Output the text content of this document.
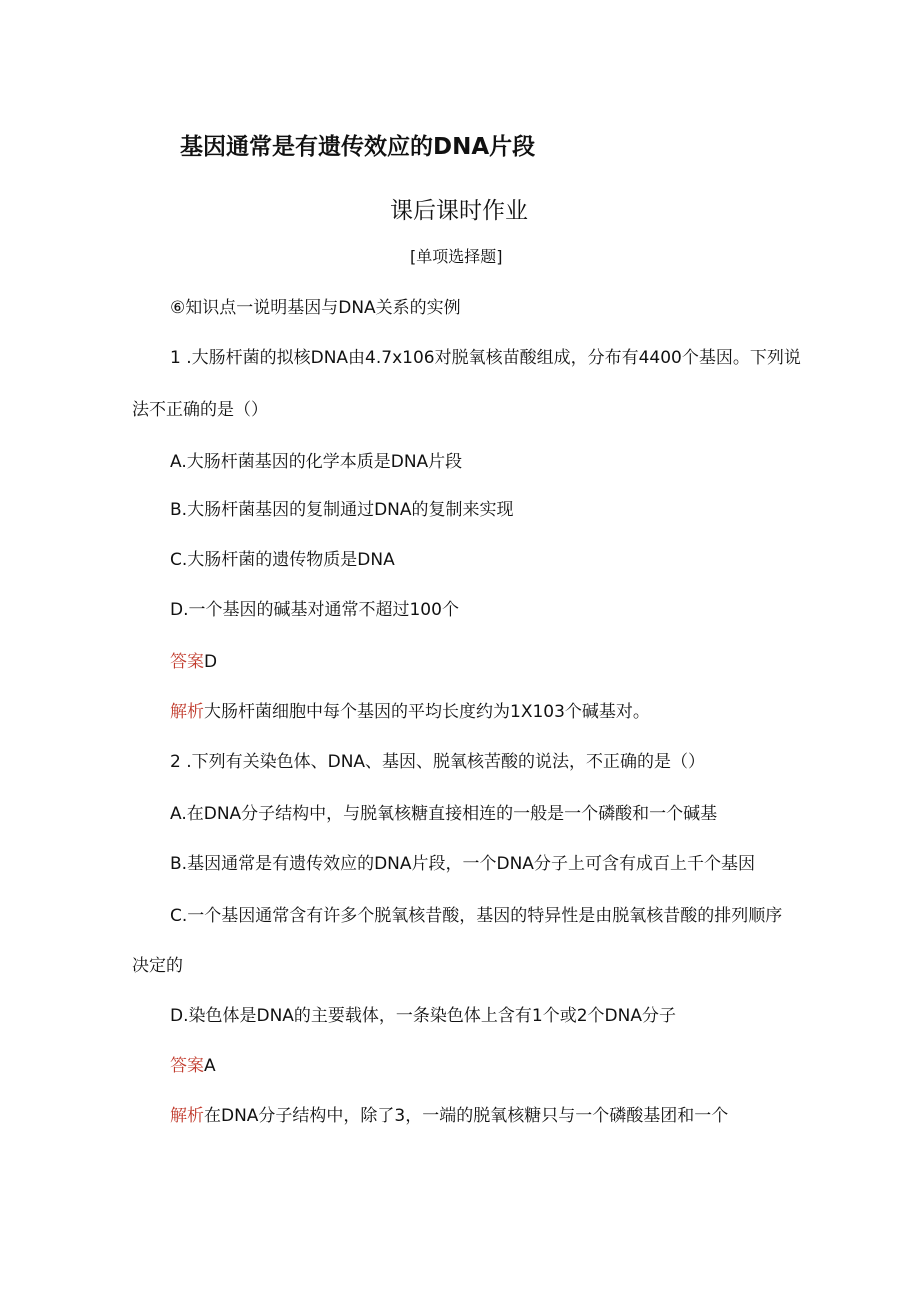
基因通常是有遗传效应的DNA片段
课后课时作业
[单项选择题]
⑥知识点一说明基因与DNA关系的实例
1 .大肠杆菌的拟核DNA由4.7x106对脱氧核苗酸组成，分布有4400个基因。下列说
法不正确的是（）
A.大肠杆菌基因的化学本质是DNA片段
B.大肠杆菌基因的复制通过DNA的复制来实现
C.大肠杆菌的遗传物质是DNA
D.一个基因的碱基对通常不超过100个
答案D
解析大肠杆菌细胞中每个基因的平均长度约为1X103个碱基对。
2 .下列有关染色体、DNA、基因、脱氧核苦酸的说法，不正确的是（）
A.在DNA分子结构中，与脱氧核糖直接相连的一般是一个磷酸和一个碱基
B.基因通常是有遗传效应的DNA片段，一个DNA分子上可含有成百上千个基因
C.一个基因通常含有许多个脱氧核昔酸，基因的特异性是由脱氧核昔酸的排列顺序
决定的
D.染色体是DNA的主要载体，一条染色体上含有1个或2个DNA分子
答案A
解析在DNA分子结构中，除了3，一端的脱氧核糖只与一个磷酸基团和一个
